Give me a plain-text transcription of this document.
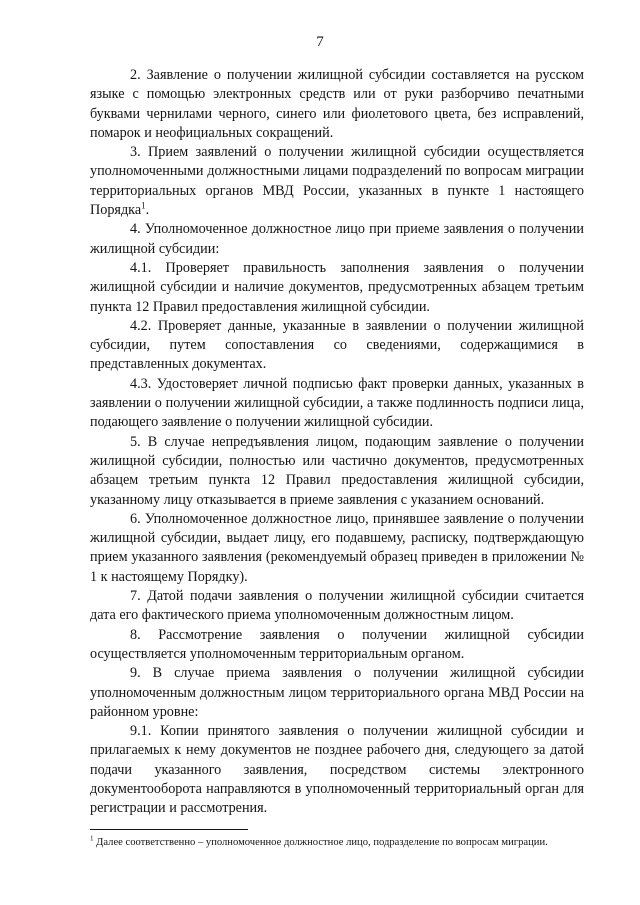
7

2. Заявление о получении жилищной субсидии составляется на русском языке с помощью электронных средств или от руки разборчиво печатными буквами чернилами черного, синего или фиолетового цвета, без исправлений, помарок и неофициальных сокращений.

3. Прием заявлений о получении жилищной субсидии осуществляется уполномоченными должностными лицами подразделений по вопросам миграции территориальных органов МВД России, указанных в пункте 1 настоящего Порядка$^1$.

4. Уполномоченное должностное лицо при приеме заявления о получении жилищной субсидии:

4.1. Проверяет правильность заполнения заявления о получении жилищной субсидии и наличие документов, предусмотренных абзацем третьим пункта 12 Правил предоставления жилищной субсидии.

4.2. Проверяет данные, указанные в заявлении о получении жилищной субсидии, путем сопоставления со сведениями, содержащимися в представленных документах.

4.3. Удостоверяет личной подписью факт проверки данных, указанных в заявлении о получении жилищной субсидии, а также подлинность подписи лица, подающего заявление о получении жилищной субсидии.

5. В случае непредъявления лицом, подающим заявление о получении жилищной субсидии, полностью или частично документов, предусмотренных абзацем третьим пункта 12 Правил предоставления жилищной субсидии, указанному лицу отказывается в приеме заявления с указанием оснований.

6. Уполномоченное должностное лицо, принявшее заявление о получении жилищной субсидии, выдает лицу, его подавшему, расписку, подтверждающую прием указанного заявления (рекомендуемый образец приведен в приложении № 1 к настоящему Порядку).

7. Датой подачи заявления о получении жилищной субсидии считается дата его фактического приема уполномоченным должностным лицом.

8. Рассмотрение заявления о получении жилищной субсидии осуществляется уполномоченным территориальным органом.

9. В случае приема заявления о получении жилищной субсидии уполномоченным должностным лицом территориального органа МВД России на районном уровне:

9.1. Копии принятого заявления о получении жилищной субсидии и прилагаемых к нему документов не позднее рабочего дня, следующего за датой подачи указанного заявления, посредством системы электронного документооборота направляются в уполномоченный территориальный орган для регистрации и рассмотрения.

$^1$ Далее соответственно – уполномоченное должностное лицо, подразделение по вопросам миграции.
